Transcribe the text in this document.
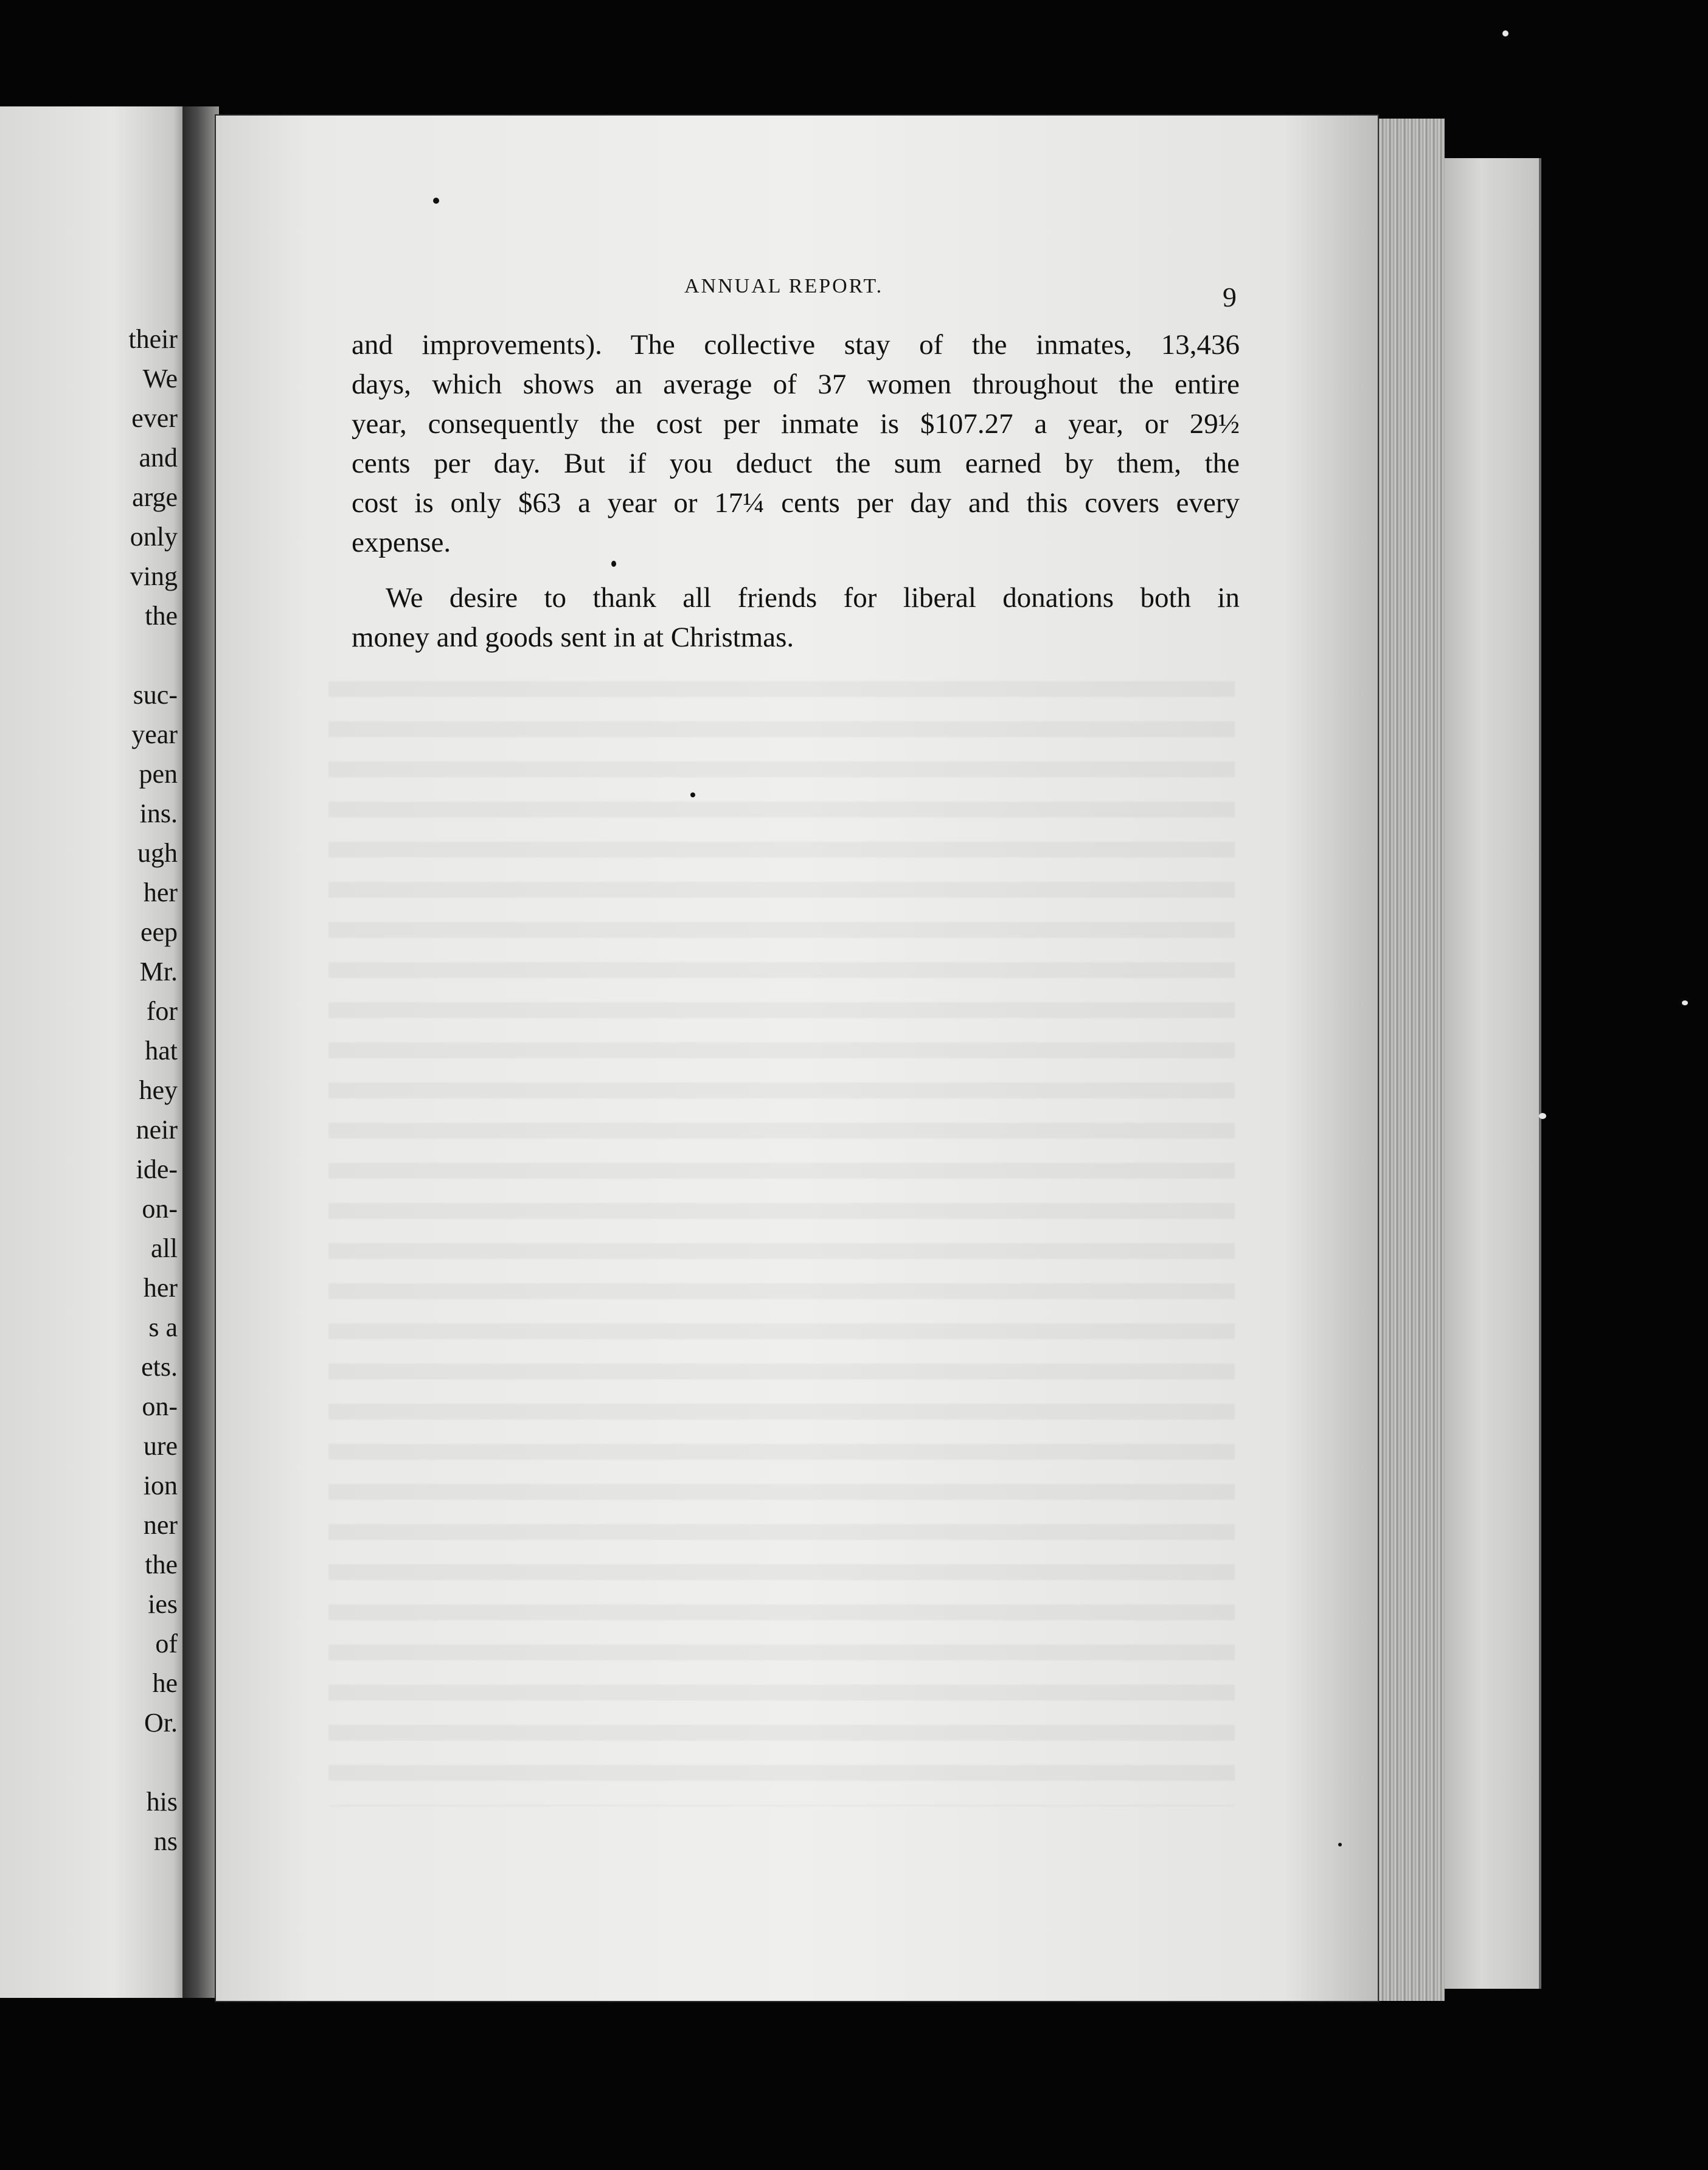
their
We
ever
and
arge
only
ving
the
suc-
year
pen
ins.
ugh
her
eep
Mr.
for
hat
hey
neir
ide-
on-
all
her
s a
ets.
on-
ure
ion
ner
the
ies
of
he
Or.
his
ns
ANNUAL REPORT.	9
and improvements). The collective stay of the inmates, 13,436
days, which shows an average of 37 women throughout the entire
year, consequently the cost per inmate is $107.27 a year, or 29½
cents per day. But if you deduct the sum earned by them, the
cost is only $63 a year or 17¼ cents per day and this covers every
expense.
We desire to thank all friends for liberal donations both in
money and goods sent in at Christmas.
